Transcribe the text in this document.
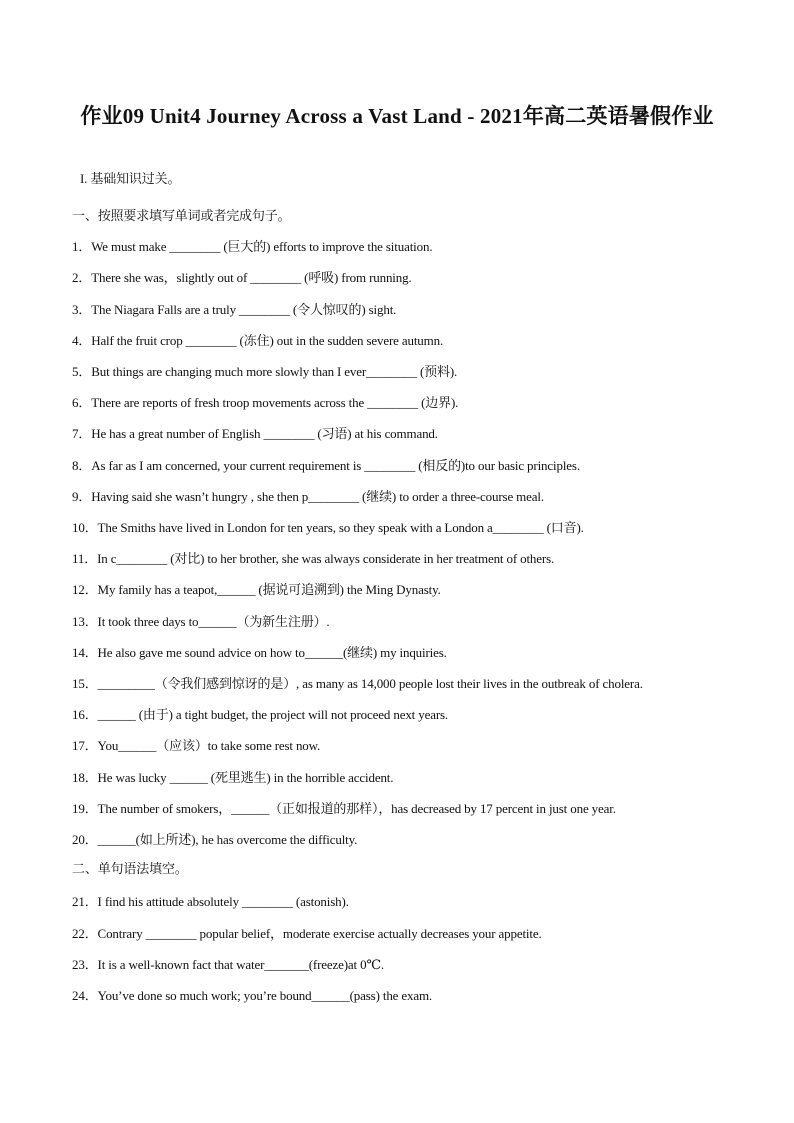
作业09 Unit4 Journey Across a Vast Land - 2021年高二英语暑假作业
I. 基础知识过关。
一、按照要求填写单词或者完成句子。
1．We must make ________ (巨大的) efforts to improve the situation.
2．There she was，slightly out of ________ (呼吸) from running.
3．The Niagara Falls are a truly ________ (令人惊叹的) sight.
4．Half the fruit crop ________ (冻住) out in the sudden severe autumn.
5．But things are changing much more slowly than I ever________ (预料).
6．There are reports of fresh troop movements across the ________ (边界).
7．He has a great number of English ________ (习语) at his command.
8．As far as I am concerned, your current requirement is ________ (相反的)to our basic principles.
9．Having said she wasn’t hungry , she then p________ (继续) to order a three-course meal.
10．The Smiths have lived in London for ten years, so they speak with a London a________ (口音).
11．In c________ (对比) to her brother, she was always considerate in her treatment of others.
12．My family has a teapot,______ (据说可追溯到) the Ming Dynasty.
13．It took three days to______（为新生注册）.
14．He also gave me sound advice on how to______(继续) my inquiries.
15．_________（令我们感到惊讶的是）, as many as 14,000 people lost their lives in the outbreak of cholera.
16．______ (由于) a tight budget, the project will not proceed next years.
17．You______（应该）to take some rest now.
18．He was lucky ______ (死里逃生) in the horrible accident.
19．The number of smokers，______（正如报道的那样），has decreased by 17 percent in just one year.
20．______(如上所述), he has overcome the difficulty.
二、单句语法填空。
21．I find his attitude absolutely ________ (astonish).
22．Contrary ________ popular belief，moderate exercise actually decreases your appetite.
23．It is a well-known fact that water_______(freeze)at 0℃.
24．You’ve done so much work; you’re bound______(pass) the exam.
